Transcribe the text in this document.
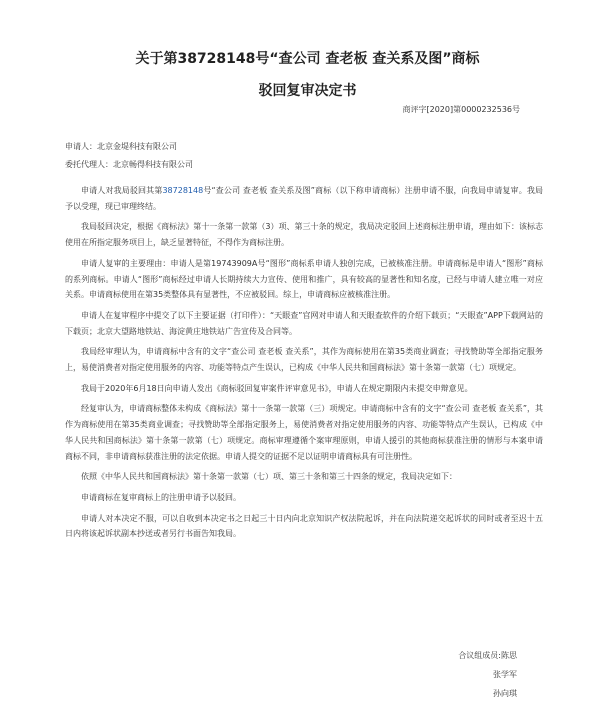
关于第38728148号“查公司 查老板 查关系及图”商标
驳回复审决定书
商评字[2020]第0000232536号
申请人：北京金堤科技有限公司
委托代理人：北京畅得科技有限公司

申请人对我局驳回其第38728148号“查公司 查老板 查关系及图”商标（以下称申请商标）注册申请不服，向我局申请复审。我局予以受理，现已审理终结。

我局驳回决定，根据《商标法》第十一条第一款第（3）项、第三十条的规定，我局决定驳回上述商标注册申请，理由如下：该标志使用在所指定服务项目上，缺乏显著特征，不得作为商标注册。

申请人复审的主要理由：申请人是第19743909A号“图形”商标系申请人独创完成，已被核准注册。申请商标是申请人“图形”商标的系列商标。申请人“图形”商标经过申请人长期持续大力宣传、使用和推广，具有较高的显著性和知名度，已经与申请人建立唯一对应关系。申请商标使用在第35类整体具有显著性，不应被驳回。综上，申请商标应被核准注册。

申请人在复审程序中提交了以下主要证据（打印件）：“天眼查”官网对申请人和天眼查软件的介绍下载页；“天眼查”APP下载网站的下载页；北京大望路地铁站、海淀黄庄地铁站广告宣传及合同等。

我局经审理认为，申请商标中含有的文字“查公司 查老板 查关系”，其作为商标使用在第35类商业调查；寻找赞助等全部指定服务上，易使消费者对指定使用服务的内容、功能等特点产生误认，已构成《中华人民共和国商标法》第十条第一款第（七）项规定。

我局于2020年6月18日向申请人发出《商标驳回复审案件评审意见书》，申请人在规定期限内未提交申辩意见。

经复审认为，申请商标整体未构成《商标法》第十一条第一款第（三）项规定。申请商标中含有的文字“查公司 查老板 查关系”，其作为商标使用在第35类商业调查；寻找赞助等全部指定服务上，易使消费者对指定使用服务的内容、功能等特点产生误认，已构成《中华人民共和国商标法》第十条第一款第（七）项规定。商标审理遵循个案审理原则，申请人援引的其他商标获准注册的情形与本案申请商标不同，非申请商标获准注册的法定依据。申请人提交的证据不足以证明申请商标具有可注册性。

依照《中华人民共和国商标法》第十条第一款第（七）项、第三十条和第三十四条的规定，我局决定如下：

申请商标在复审商标上的注册申请予以驳回。

申请人对本决定不服，可以自收到本决定书之日起三十日内向北京知识产权法院起诉，并在向法院递交起诉状的同时或者至迟十五日内将该起诉状副本抄送或者另行书面告知我局。

合议组成员:陈思
张学军
孙向琪
